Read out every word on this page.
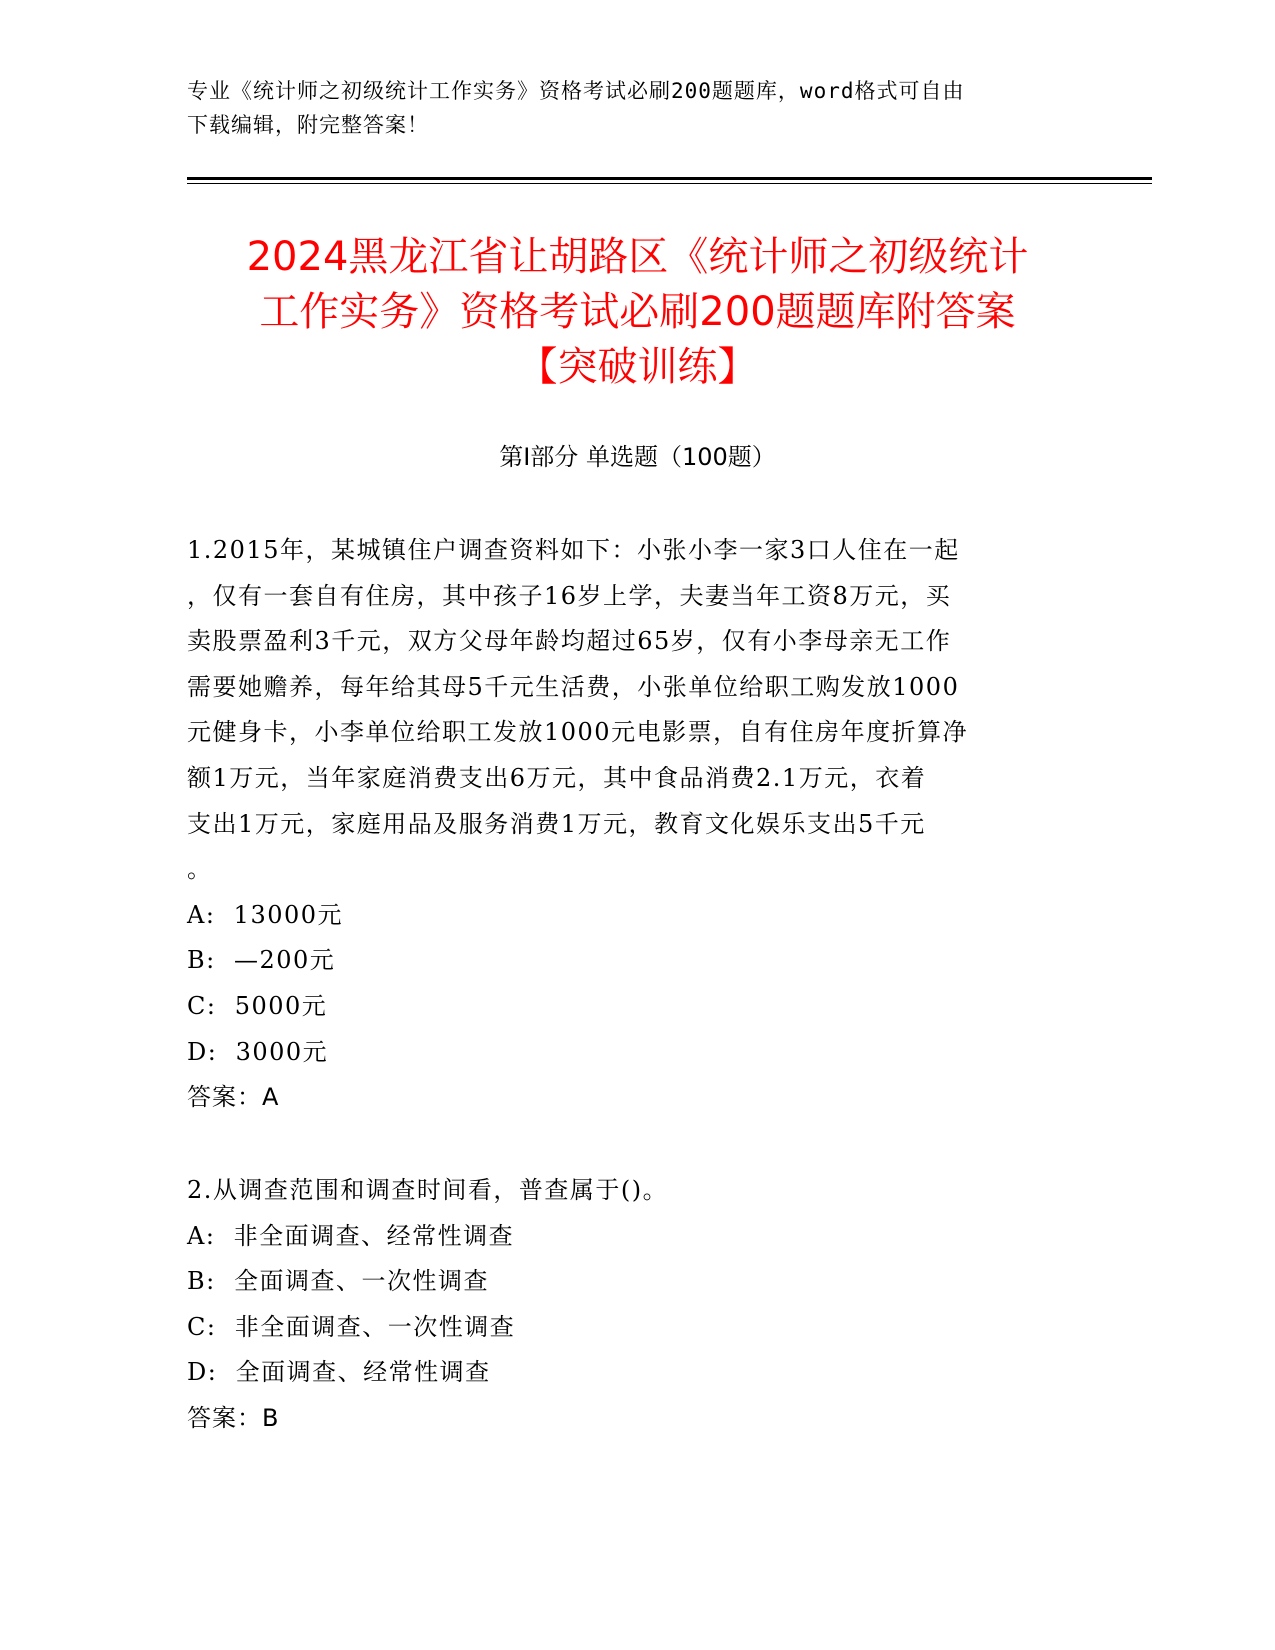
专业《统计师之初级统计工作实务》资格考试必刷200题题库，word格式可自由
下载编辑，附完整答案！
2024黑龙江省让胡路区《统计师之初级统计
工作实务》资格考试必刷200题题库附答案
【突破训练】
第Ⅰ部分 单选题（100题）
1.2015年，某城镇住户调查资料如下：小张小李一家3口人住在一起
，仅有一套自有住房，其中孩子16岁上学，夫妻当年工资8万元，买
卖股票盈利3千元，双方父母年龄均超过65岁，仅有小李母亲无工作
需要她赡养，每年给其母5千元生活费，小张单位给职工购发放1000
元健身卡，小李单位给职工发放1000元电影票，自有住房年度折算净
额1万元，当年家庭消费支出6万元，其中食品消费2.1万元，衣着
支出1万元，家庭用品及服务消费1万元，教育文化娱乐支出5千元
。
A:  13000元
B:  —200元
C:  5000元
D:  3000元
答案：A
2.从调查范围和调查时间看，普查属于()。
A:  非全面调查、经常性调查
B:  全面调查、一次性调查
C:  非全面调查、一次性调查
D:  全面调查、经常性调查
答案：B
